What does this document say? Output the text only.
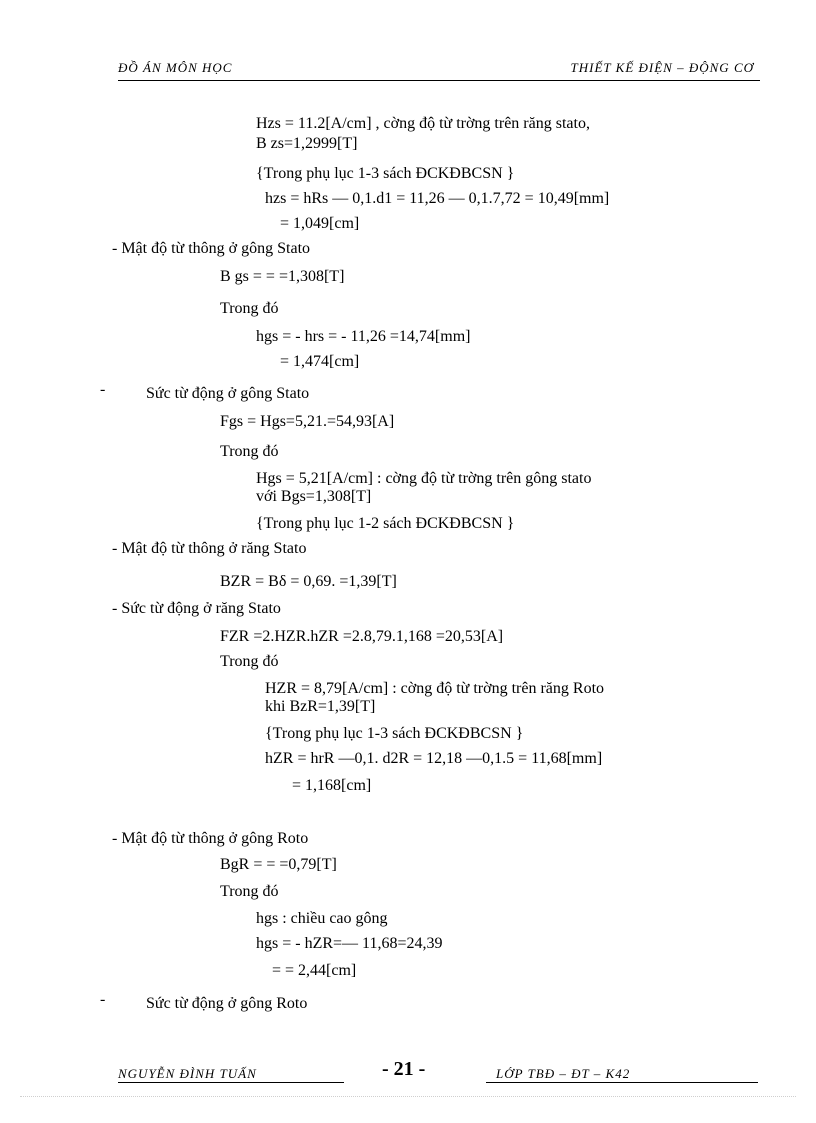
ĐỒ ÁN MÔN HỌC	THIẾT KẾ ĐIỆN – ĐỘNG CƠ
Hzs = 11.2[A/cm] , cờng độ từ trờng trên răng stato,
B zs=1,2999[T]
{Trong phụ lục 1-3 sách ĐCKĐBCSN }
hzs = hRs — 0,1.d1 = 11,26 — 0,1.7,72 = 10,49[mm]
= 1,049[cm]
- Mật độ từ thông ở gông Stato
B gs = = =1,308[T]
Trong đó
hgs = - hrs = - 11,26 =14,74[mm]
= 1,474[cm]
Sức từ động ở gông Stato
Fgs = Hgs=5,21.=54,93[A]
Trong đó
Hgs = 5,21[A/cm] : cờng độ từ trờng trên gông stato
với Bgs=1,308[T]
{Trong phụ lục 1-2 sách ĐCKĐBCSN }
- Mật độ từ thông ở răng Stato
BZR = Bδ = 0,69. =1,39[T]
- Sức từ động ở răng Stato
FZR =2.HZR.hZR =2.8,79.1,168 =20,53[A]
Trong đó
HZR = 8,79[A/cm] : cờng độ từ trờng trên răng Roto
khi BzR=1,39[T]
{Trong phụ lục 1-3 sách ĐCKĐBCSN }
hZR = hrR —0,1. d2R = 12,18 —0,1.5 = 11,68[mm]
= 1,168[cm]
- Mật độ từ thông ở gông Roto
BgR = = =0,79[T]
Trong đó
hgs : chiều cao gông
hgs = - hZR=— 11,68=24,39
= = 2,44[cm]
Sức từ động ở gông Roto
-
-
NGUYỄN ĐÌNH TUẤN	- 21 -	LỚP TBĐ – ĐT – K42
